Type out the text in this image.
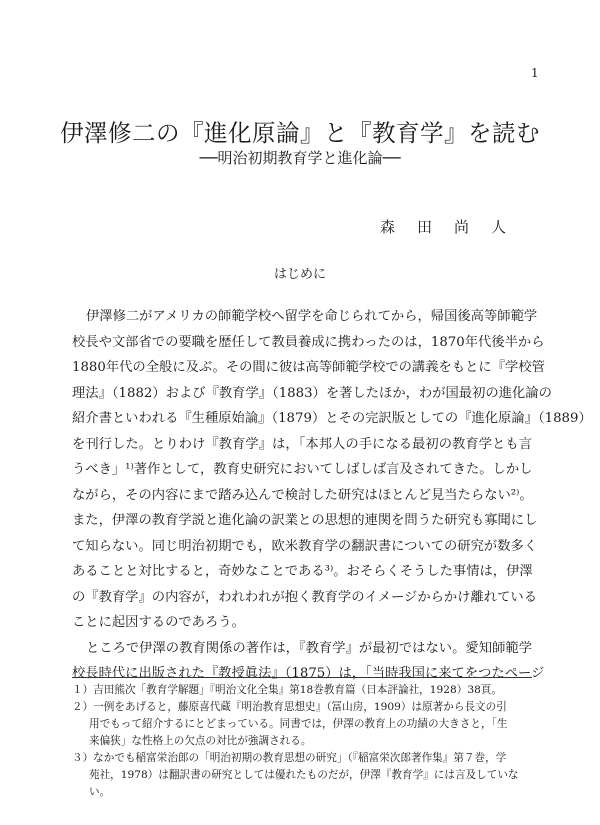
1
伊澤修二の『進化原論』と『教育学』を読む
──明治初期教育学と進化論──
森 田 尚 人
はじめに
伊澤修二がアメリカの師範学校へ留学を命じられてから，帰国後高等師範学
校長や文部省での要職を歴任して教員養成に携わったのは，1870年代後半から
1880年代の全般に及ぶ。その間に彼は高等師範学校での講義をもとに『学校管
理法』（1882）および『教育学』（1883）を著したほか，わが国最初の進化論の
紹介書といわれる『生種原始論』（1879）とその完訳版としての『進化原論』（1889）
を刊行した。とりわけ『教育学』は，「本邦人の手になる最初の教育学とも言
うべき」¹⁾著作として，教育史研究においてしばしば言及されてきた。しかし
ながら，その内容にまで踏み込んで検討した研究はほとんど見当たらない²⁾。
また，伊澤の教育学説と進化論の訳業との思想的連関を問うた研究も寡聞にし
て知らない。同じ明治初期でも，欧米教育学の翻訳書についての研究が数多く
あることと対比すると，奇妙なことである³⁾。おそらくそうした事情は，伊澤
の『教育学』の内容が，われわれが抱く教育学のイメージからかけ離れている
ことに起因するのであろう。
ところで伊澤の教育関係の著作は，『教育学』が最初ではない。愛知師範学
校長時代に出版された『教授眞法』（1875）は，「当時我国に来てをつたページ
１）吉田熊次「教育学解題」『明治文化全集』第18巻教育篇（日本評論社，1928）38頁。
２）一例をあげると，藤原喜代蔵『明治教育思想史』（冨山房，1909）は原著から長文の引
用でもって紹介するにとどまっている。同書では，伊澤の教育上の功績の大きさと，「生
来偏狭」な性格上の欠点の対比が強調される。
３）なかでも稲富栄治郎の「明治初期の教育思想の研究」（『稲富栄次郎著作集』第７巻，学
苑社，1978）は翻訳書の研究としては優れたものだが，伊澤『教育学』には言及していな
い。
